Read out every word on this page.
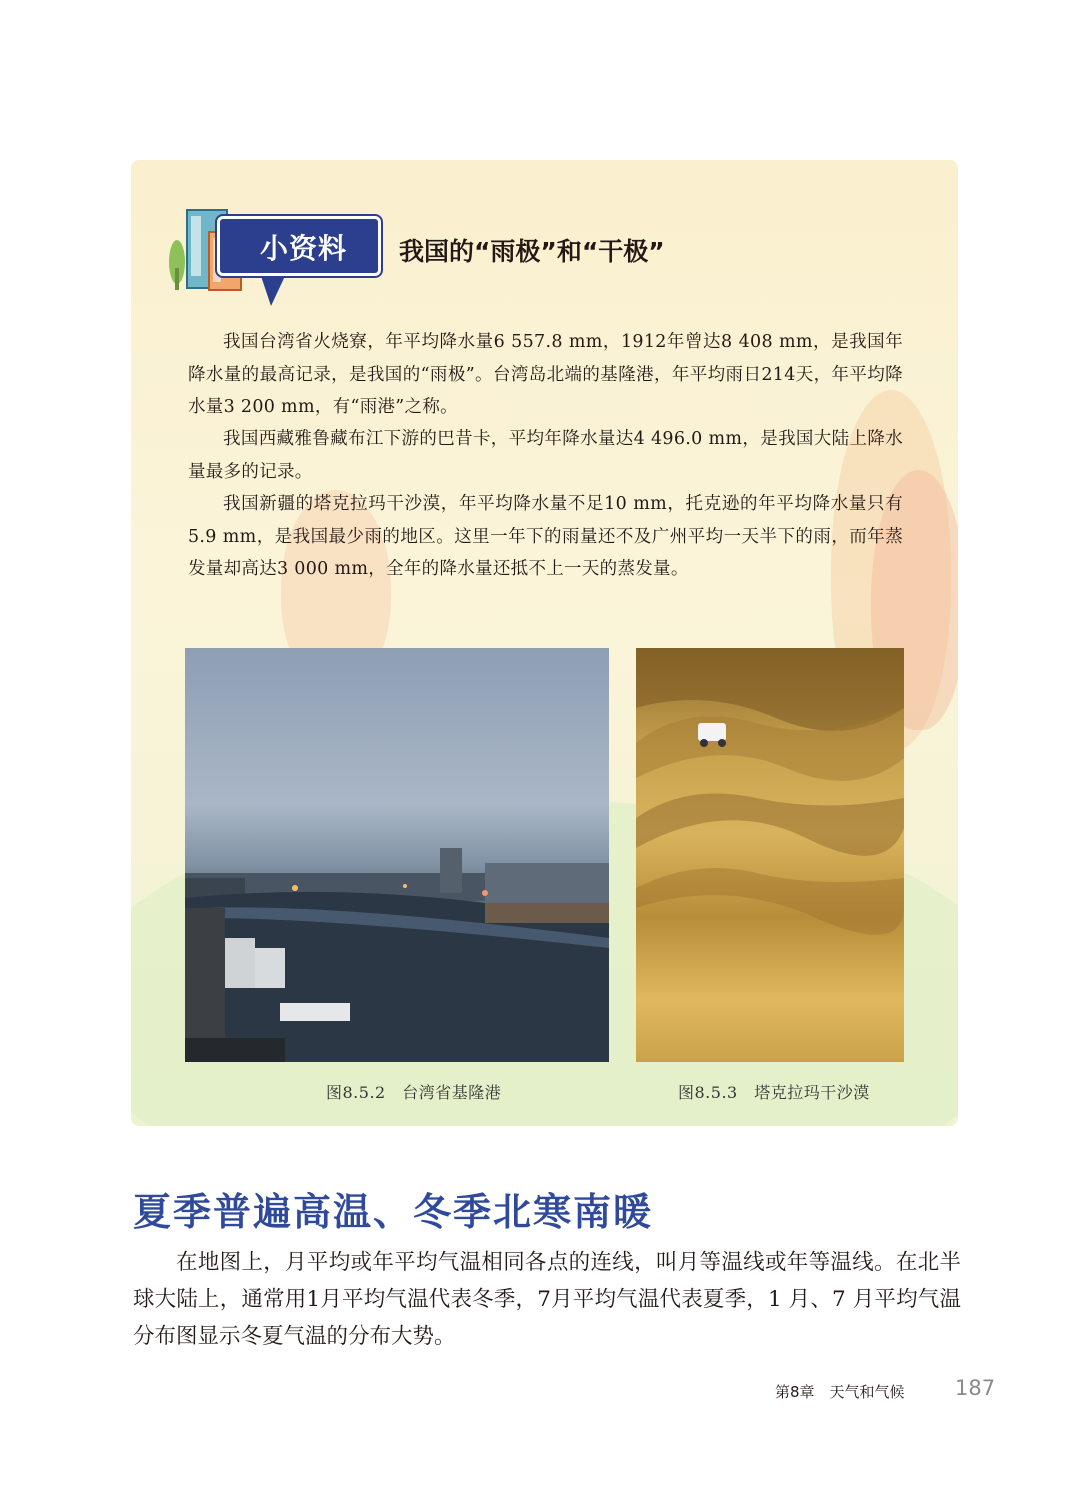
小资料	我国的“雨极”和“干极”

我国台湾省火烧寮，年平均降水量6 557.8 mm，1912年曾达8 408 mm，是我国年降水量的最高记录，是我国的“雨极”。台湾岛北端的基隆港，年平均雨日214天，年平均降水量3 200 mm，有“雨港”之称。

我国西藏雅鲁藏布江下游的巴昔卡，平均年降水量达4 496.0 mm，是我国大陆上降水量最多的记录。

我国新疆的塔克拉玛干沙漠，年平均降水量不足10 mm，托克逊的年平均降水量只有5.9 mm，是我国最少雨的地区。这里一年下的雨量还不及广州平均一天半下的雨，而年蒸发量却高达3 000 mm，全年的降水量还抵不上一天的蒸发量。

图8.5.2　台湾省基隆港	图8.5.3　塔克拉玛干沙漠
夏季普遍高温、冬季北寒南暖

在地图上，月平均或年平均气温相同各点的连线，叫月等温线或年等温线。在北半球大陆上，通常用1月平均气温代表冬季，7月平均气温代表夏季，1 月、7 月平均气温分布图显示冬夏气温的分布大势。

第8章　天气和气候 187
